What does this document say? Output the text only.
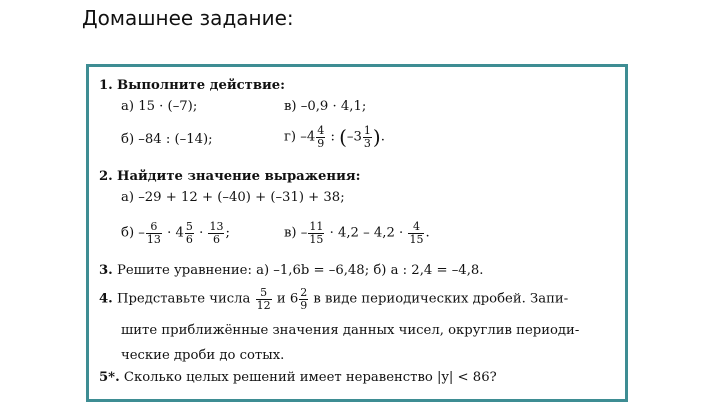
Домашнее задание:
1. Выполните действие:
а) 15 · (–7);	в) –0,9 · 4,1;
б) –84 : (–14);	г) $-4 \frac{4}{9}$ : ($-3 \frac{1}{3}$ ).
2. Найдите значение выражения:
а) –29 + 12 + (–40) + (–31) + 38;
$б) - \frac{6}{13} \cdot 4 \frac{5}{6} \cdot \frac{13}{6}$ ;	$в) - \frac{11}{15} \cdot 4,2 - 4,2 \cdot \frac{4}{15}$ .
3. Решите уравнение: а) –1,6b = –6,48; б) a : 2,4 = –4,8.
4. Представьте числа $\frac{5}{12}$ и $6 \frac{2}{9}$ в виде периодических дробей. Запи-
шите приближённые значения данных чисел, округлив периоди-
ческие дроби до сотых.
5*. Сколько целых решений имеет неравенство |y| < 86?
